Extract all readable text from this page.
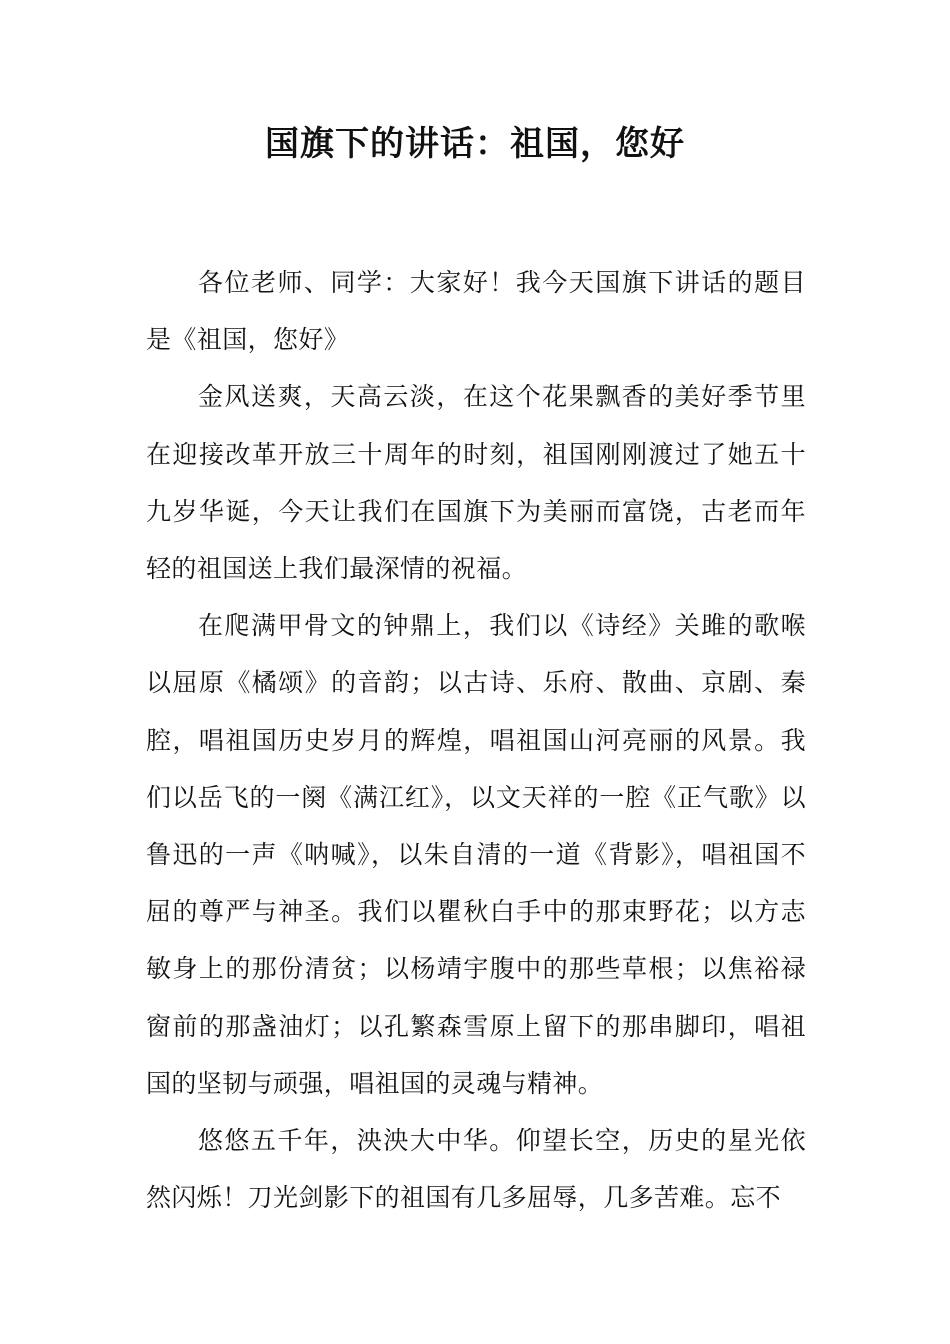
国旗下的讲话：祖国，您好

各位老师、同学：大家好！我今天国旗下讲话的题目是《祖国，您好》

金风送爽，天高云淡，在这个花果飘香的美好季节里在迎接改革开放三十周年的时刻，祖国刚刚渡过了她五十九岁华诞，今天让我们在国旗下为美丽而富饶，古老而年轻的祖国送上我们最深情的祝福。

在爬满甲骨文的钟鼎上，我们以《诗经》关雎的歌喉以屈原《橘颂》的音韵；以古诗、乐府、散曲、京剧、秦腔，唱祖国历史岁月的辉煌，唱祖国山河亮丽的风景。我们以岳飞的一阕《满江红》，以文天祥的一腔《正气歌》以鲁迅的一声《呐喊》，以朱自清的一道《背影》，唱祖国不屈的尊严与神圣。我们以瞿秋白手中的那束野花；以方志敏身上的那份清贫；以杨靖宇腹中的那些草根；以焦裕禄窗前的那盏油灯；以孔繁森雪原上留下的那串脚印，唱祖国的坚韧与顽强，唱祖国的灵魂与精神。

悠悠五千年，泱泱大中华。仰望长空，历史的星光依然闪烁！刀光剑影下的祖国有几多屈辱，几多苦难。忘不
